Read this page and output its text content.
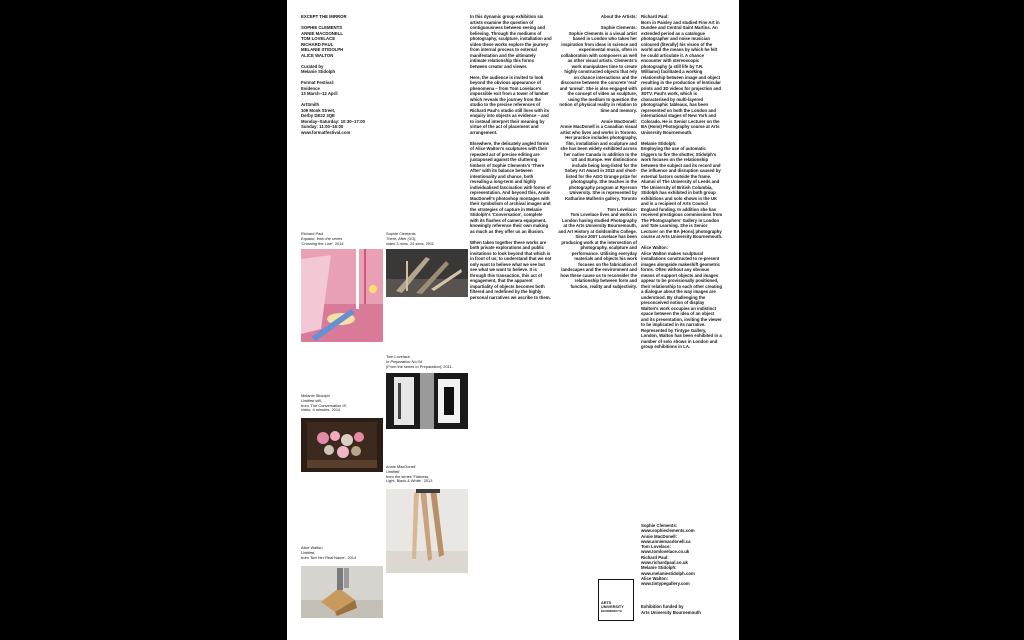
EXCEPT THE MIRROR

SOPHIE CLEMENTS

ANNIE MACDONELL

TOM LOVELACE

RICHARD PAUL

MELANIE STIDOLPH

ALICE WALTON

Curated by

Melanie Stidolph

Format Festival:

Evidence

13 March–12 April

ArtSmith

109 Monk Street,

Derby DE22 3QE

Monday–Saturday: 10:30–17:00

Sunday: 11:00–16:00

www.formatfestival.com

In this dynamic group exhibition six artists examine the question of contiguousness between seeing and believing. Through the mediums of photography, sculpture, installation and video these works explore the journey from internal process to external manifestation and the ultimately intimate relationship this forms between creator and viewer.

Here, the audience is invited to look beyond the obvious appearance of phenomena – from Tom Lovelace's impossible exit from a tower of lumber which reveals the journey from the studio to the precise references of Richard Paul's studio still lives with its enquiry into objects as evidence – and to instead interpret their meaning by virtue of the act of placement and arrangement.

Elsewhere, the delicately angled forms of Alice Walton's sculptures with their repeated act of precise editing are juxtaposed against the cluttering timbers of Sophie Clements's 'There After' with its balance between intentionality and chance, both revealing a long-term and highly individualised fascination with forms of representation. And beyond this, Annie MacDonell's photoshop montages with their symbolism of archival images and the strategies of capture in Melanie Stidolph's 'Conversation', complete with its flashes of camera equipment, knowingly reference their own making as much as they offer us an illusion.

When taken together these works are both private explorations and public invitations to look beyond that which is in front of us; to understand that we not only want to believe what we see but see what we want to believe. It is through this transaction, this act of engagement, that the apparent impartiality of objects becomes both filtered and redefined by the highly personal narratives we ascribe to them.

About the Artists:

Sophie Clements:

Sophie Clements is a visual artist based in London who takes her inspiration from ideas in science and experimental music, often in collaboration with composers as well as other visual artists. Clements's work manipulates time to create highly constructed objects that rely on chance interactions and the discourse between the concrete 'real' and 'unreal'. She is also engaged with the concept of video as sculpture, using the medium to question the notion of physical reality in relation to time and memory.

Annie MacDonell:

Annie MacDonell is a Canadian visual artist who lives and works in Toronto. Her practice includes photography, film, installation and sculpture and she has been widely exhibited across her native Canada in addition to the US and Europe. Her distinctions include being long-listed for the Sobey Art Award in 2012 and short-listed for the AGO Grange prize for photography. She teaches in the photography program at Ryerson University. She is represented by Katharine Mulherin gallery, Toronto

Tom Lovelace:

Tom Lovelace lives and works in London having studied Photography at the Arts University Bournemouth, and Art History at Goldsmiths College. Since 2007 Lovelace has been producing work at the intersection of photography, sculpture and performance. Utilising everyday materials and objects his work focuses on the fabrication of landscapes and the environment and how these cause us to reconsider the relationship between form and function, reality and subjectivity.

Richard Paul:

Born in Paisley and studied Fine Art in Dundee and Central Saint Martins. An extended period as a catalogue photographer and noise musician coloured (literally) his vision of the world and the means by which he felt he could articulate it. A chance encounter with stereoscopic photography (a still life by T.R. Williams) facilitated a working relationship between image and object resulting in the production of lenticular prints and 3D videos for projection and 3DTV. Paul's work, which is characterised by multi-layered photographic tableaux, has been represented on both the London and international stages of New York and Colorado. He is Senior Lecturer on the BA (Hons) Photography course at Arts University Bournemouth.

Melanie Stidolph:

Employing the use of automatic triggers to fire the shutter, Stidolph's work focuses on the relationship between the subject and its record and the influence and disruption caused by external factors outside the frame. Alumni of The University of Leeds and The University of British Columbia, Stidolph has exhibited in both group exhibitions and solo shows in the UK and is a recipient of Arts Council England funding. In addition she has received prestigious commissions from The Photographers' Gallery in London and Tate Learning. She is Senior Lecturer on the BA (Hons) photography course at Arts University Bournemouth.

Alice Walton:

Alice Walton makes sculptural installations constructed to re-present images alongside makeshift geometric forms. Often without any obvious means of support objects and images appear to be provisionally positioned, their relationship to each other creating a dialogue about the way images are understood. By challenging the preconceived notion of display Walton's work occupies an indistinct space between the idea of an object and its presentation, inviting the viewer to be implicated in its narrative. Represented by Tintype Gallery, London, Walton has been exhibited in a number of solo shows in London and group exhibitions in LA.

Sophie Clements:
www.sophieclements.com
Annie MacDonell:
www.anniemacdonell.ca
Tom Lovelace:
www.tomlovelace.co.uk
Richard Paul:
www.richardpaul.co.uk
Melanie Stidolph:
www.melaniestidolph.com
Alice Walton:
www.tintypegallery.com
Exhibition funded by
Arts University Bournemouth
ARTS
UNIVERSITY
BOURNEMOUTH
Richard Paul
Equator, from the series
'Crossing the Line', 2014
Sophie Clements
There, After (3/3),
video 3 mins, 24 secs, 2011
Tom Lovelace
In Preparation No.04
(From the series In Preparation), 2011.
Melanie Stidolph
Untitled still,
from 'The Conversation III',
video, 4 minutes, 2014
Annie MacDonell
Untitled
from the series 'Flatness,
Light, Black & White', 2013
Alice Walton
Untitled,
from 'Not Her Real Name', 2014
